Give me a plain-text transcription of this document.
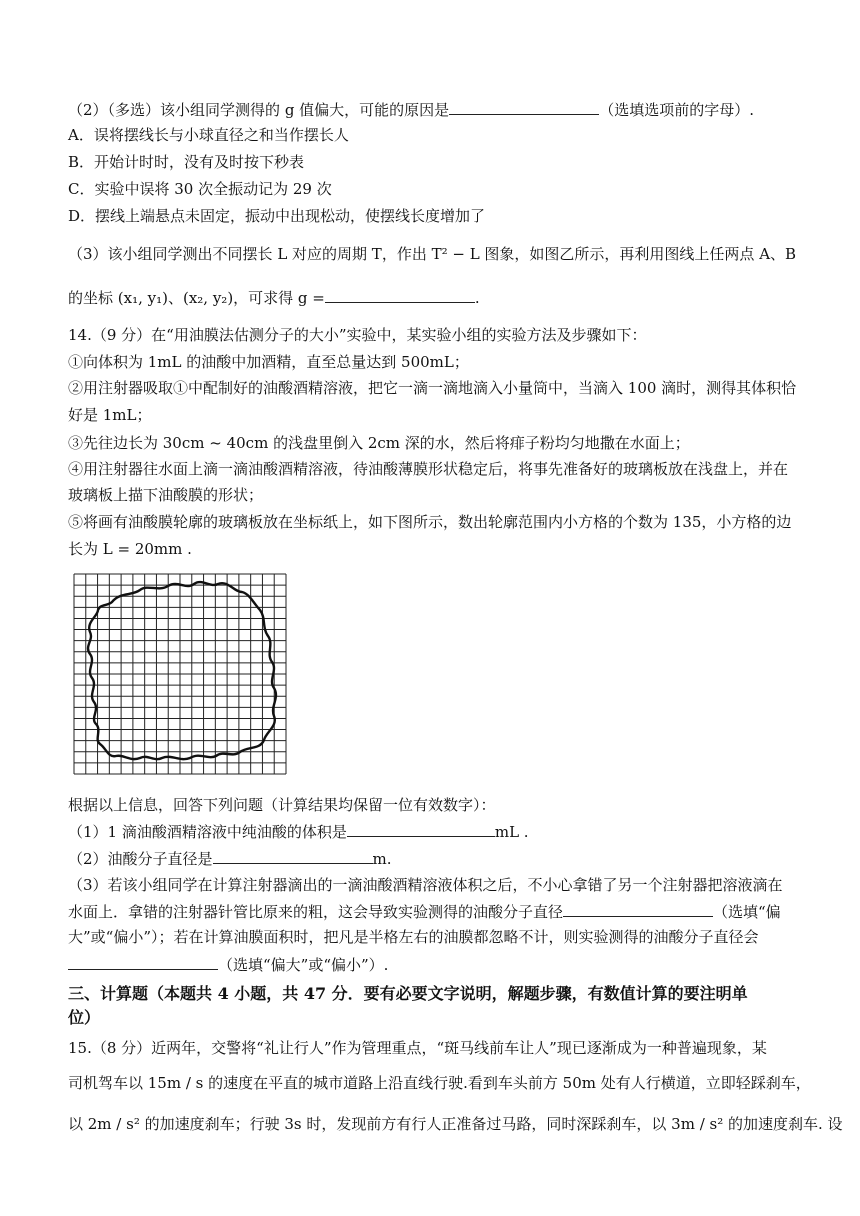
（2）（多选）该小组同学测得的 g 值偏大，可能的原因是	（选填选项前的字母）.
A．误将摆线长与小球直径之和当作摆长人
B．开始计时时，没有及时按下秒表
C．实验中误将 30 次全振动记为 29 次
D．摆线上端悬点未固定，振动中出现松动，使摆线长度增加了
（3）该小组同学测出不同摆长 L 对应的周期 T，作出 T² − L 图象，如图乙所示，再利用图线上任两点 A、B
的坐标 (x₁, y₁)、(x₂, y₂)，可求得 g =	.
14.（9 分）在“用油膜法估测分子的大小”实验中，某实验小组的实验方法及步骤如下：
①向体积为 1mL 的油酸中加酒精，直至总量达到 500mL；
②用注射器吸取①中配制好的油酸酒精溶液，把它一滴一滴地滴入小量筒中，当滴入 100 滴时，测得其体积恰
好是 1mL；
③先往边长为 30cm ~ 40cm 的浅盘里倒入 2cm 深的水，然后将痱子粉均匀地撒在水面上；
④用注射器往水面上滴一滴油酸酒精溶液，待油酸薄膜形状稳定后，将事先准备好的玻璃板放在浅盘上，并在
玻璃板上描下油酸膜的形状；
⑤将画有油酸膜轮廓的玻璃板放在坐标纸上，如下图所示，数出轮廓范围内小方格的个数为 135，小方格的边
长为 L = 20mm .
根据以上信息，回答下列问题（计算结果均保留一位有效数字）：
（1）1 滴油酸酒精溶液中纯油酸的体积是	mL .
（2）油酸分子直径是	m.
（3）若该小组同学在计算注射器滴出的一滴油酸酒精溶液体积之后，不小心拿错了另一个注射器把溶液滴在
水面上．拿错的注射器针管比原来的粗，这会导致实验测得的油酸分子直径	（选填“偏
大”或“偏小”）；若在计算油膜面积时，把凡是半格左右的油膜都忽略不计，则实验测得的油酸分子直径会
（选填“偏大”或“偏小”）.
三、计算题（本题共 4 小题，共 47 分．要有必要文字说明，解题步骤，有数值计算的要注明单
位）
15.（8 分）近两年，交警将“礼让行人”作为管理重点，“斑马线前车让人”现已逐渐成为一种普遍现象，某
司机驾车以 15m / s 的速度在平直的城市道路上沿直线行驶.看到车头前方 50m 处有人行横道，立即轻踩刹车，
以 2m / s² 的加速度刹车；行驶 3s 时，发现前方有行人正准备过马路，同时深踩刹车，以 3m / s² 的加速度刹车. 设
